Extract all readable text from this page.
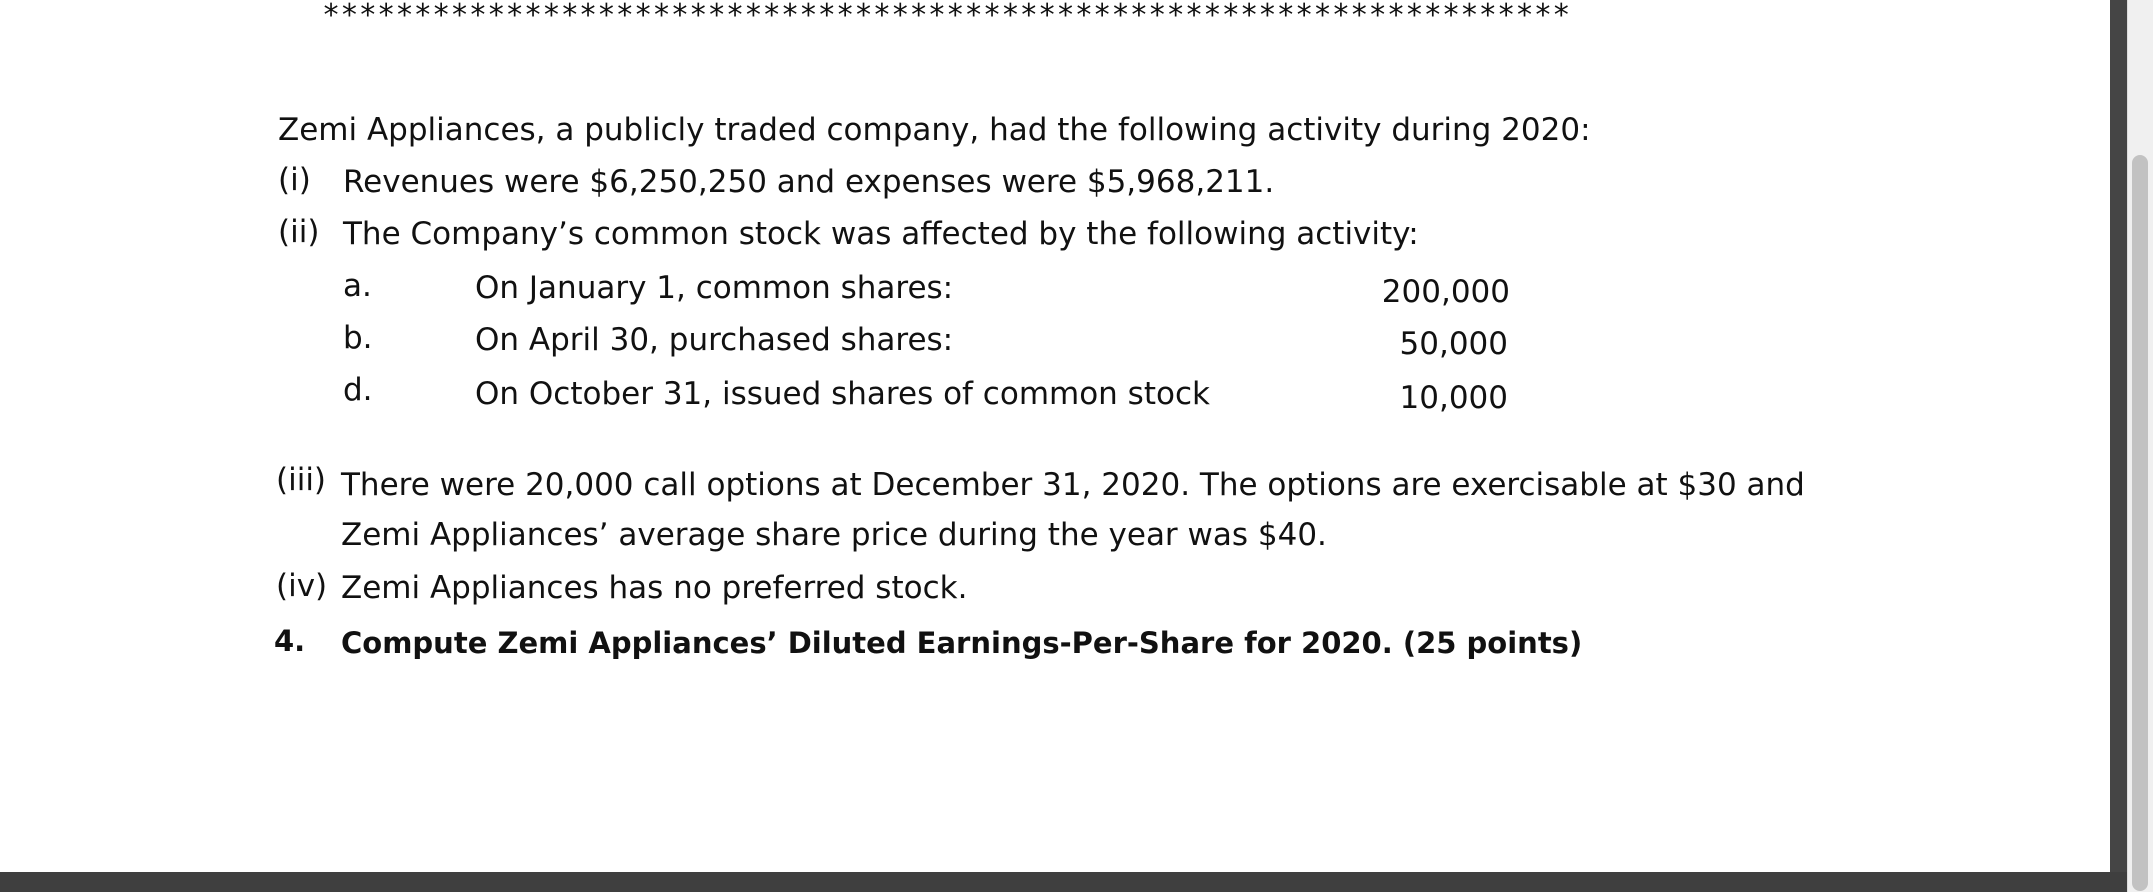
********************************************************************
Zemi Appliances, a publicly traded company, had the following activity during 2020:
(i) Revenues were $6,250,250 and expenses were $5,968,211.
(ii) The Company’s common stock was affected by the following activity:
a.	On January 1, common shares:	200,000
b.	On April 30, purchased shares:	50,000
d.	On October 31, issued shares of common stock	10,000
(iii) There were 20,000 call options at December 31, 2020. The options are exercisable at $30 and
Zemi Appliances’ average share price during the year was $40.
(iv) Zemi Appliances has no preferred stock.
4. Compute Zemi Appliances’ Diluted Earnings-Per-Share for 2020. (25 points)
